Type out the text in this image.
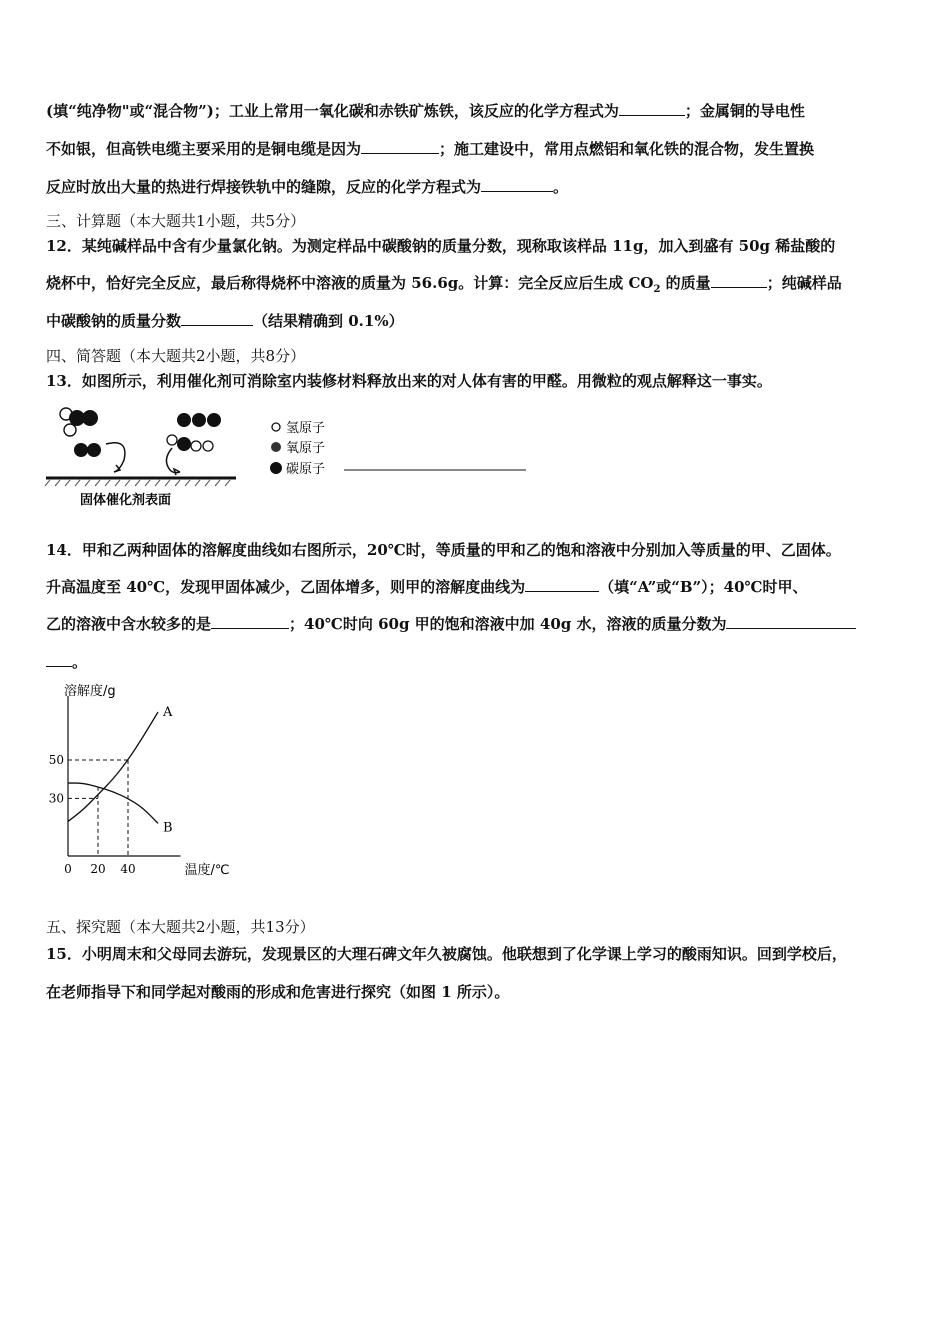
(填“纯净物"或“混合物”)；工业上常用一氧化碳和赤铁矿炼铁，该反应的化学方程式为	；金属铜的导电性
不如银，但高铁电缆主要采用的是铜电缆是因为	；施工建设中，常用点燃铝和氧化铁的混合物，发生置换
反应时放出大量的热进行焊接铁轨中的缝隙，反应的化学方程式为	。
三、计算题（本大题共1小题，共5分）
12．某纯碱样品中含有少量氯化钠。为测定样品中碳酸钠的质量分数，现称取该样品 11g，加入到盛有 50g 稀盐酸的
烧杯中，恰好完全反应，最后称得烧杯中溶液的质量为 56.6g。计算：完全反应后生成 $CO_2$ 的质量	；纯碱样品
中碳酸钠的质量分数	（结果精确到 0.1%）
四、简答题（本大题共2小题，共8分）
13．如图所示，利用催化剂可消除室内装修材料释放出来的对人体有害的甲醛。用微粒的观点解释这一事实。
固体催化剂表面
氢原子
氧原子
碳原子
14．甲和乙两种固体的溶解度曲线如右图所示，20℃时，等质量的甲和乙的饱和溶液中分别加入等质量的甲、乙固体。
升高温度至 40℃，发现甲固体减少，乙固体增多，则甲的溶解度曲线为	（填“A”或“B”）；40℃时甲、
乙的溶液中含水较多的是	；40℃时向 60g 甲的饱和溶液中加 40g 水，溶液的质量分数为
。
溶解度/g
温度/℃
0 20 40
30
50
A
B
五、探究题（本大题共2小题，共13分）
15．小明周末和父母同去游玩，发现景区的大理石碑文年久被腐蚀。他联想到了化学课上学习的酸雨知识。回到学校后，
在老师指导下和同学起对酸雨的形成和危害进行探究（如图 1 所示）。
